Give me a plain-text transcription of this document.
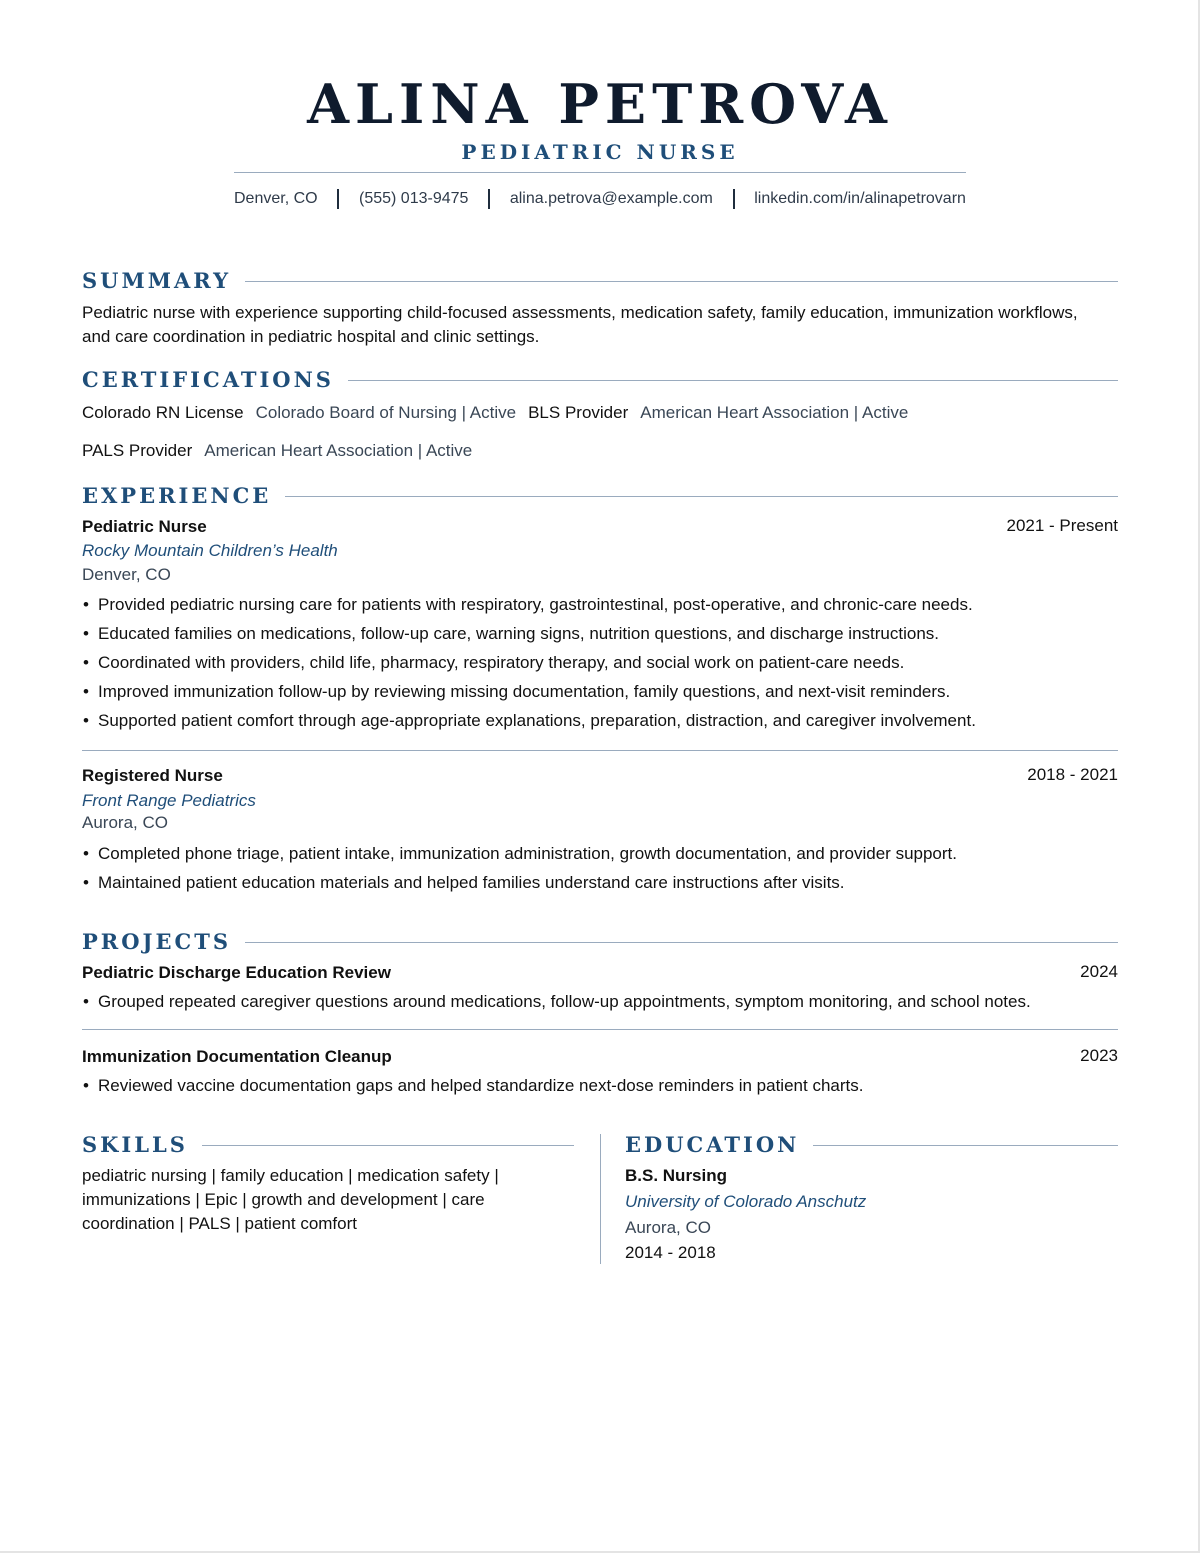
ALINA PETROVA
PEDIATRIC NURSE
Denver, CO	(555) 013-9475	alina.petrova@example.com	linkedin.com/in/alinapetrovarn
SUMMARY
Pediatric nurse with experience supporting child-focused assessments, medication safety, family education, immunization workflows,
and care coordination in pediatric hospital and clinic settings.
CERTIFICATIONS
Colorado RN License Colorado Board of Nursing | Active BLS Provider American Heart Association | Active
PALS Provider American Heart Association | Active
EXPERIENCE
Pediatric Nurse	2021 - Present
Rocky Mountain Children’s Health
Denver, CO
• Provided pediatric nursing care for patients with respiratory, gastrointestinal, post-operative, and chronic-care needs.
• Educated families on medications, follow-up care, warning signs, nutrition questions, and discharge instructions.
• Coordinated with providers, child life, pharmacy, respiratory therapy, and social work on patient-care needs.
• Improved immunization follow-up by reviewing missing documentation, family questions, and next-visit reminders.
• Supported patient comfort through age-appropriate explanations, preparation, distraction, and caregiver involvement.
Registered Nurse	2018 - 2021
Front Range Pediatrics
Aurora, CO
• Completed phone triage, patient intake, immunization administration, growth documentation, and provider support.
• Maintained patient education materials and helped families understand care instructions after visits.
PROJECTS
Pediatric Discharge Education Review	2024
• Grouped repeated caregiver questions around medications, follow-up appointments, symptom monitoring, and school notes.
Immunization Documentation Cleanup	2023
• Reviewed vaccine documentation gaps and helped standardize next-dose reminders in patient charts.
SKILLS
pediatric nursing | family education | medication safety |
immunizations | Epic | growth and development | care
coordination | PALS | patient comfort
EDUCATION
B.S. Nursing
University of Colorado Anschutz
Aurora, CO
2014 - 2018
